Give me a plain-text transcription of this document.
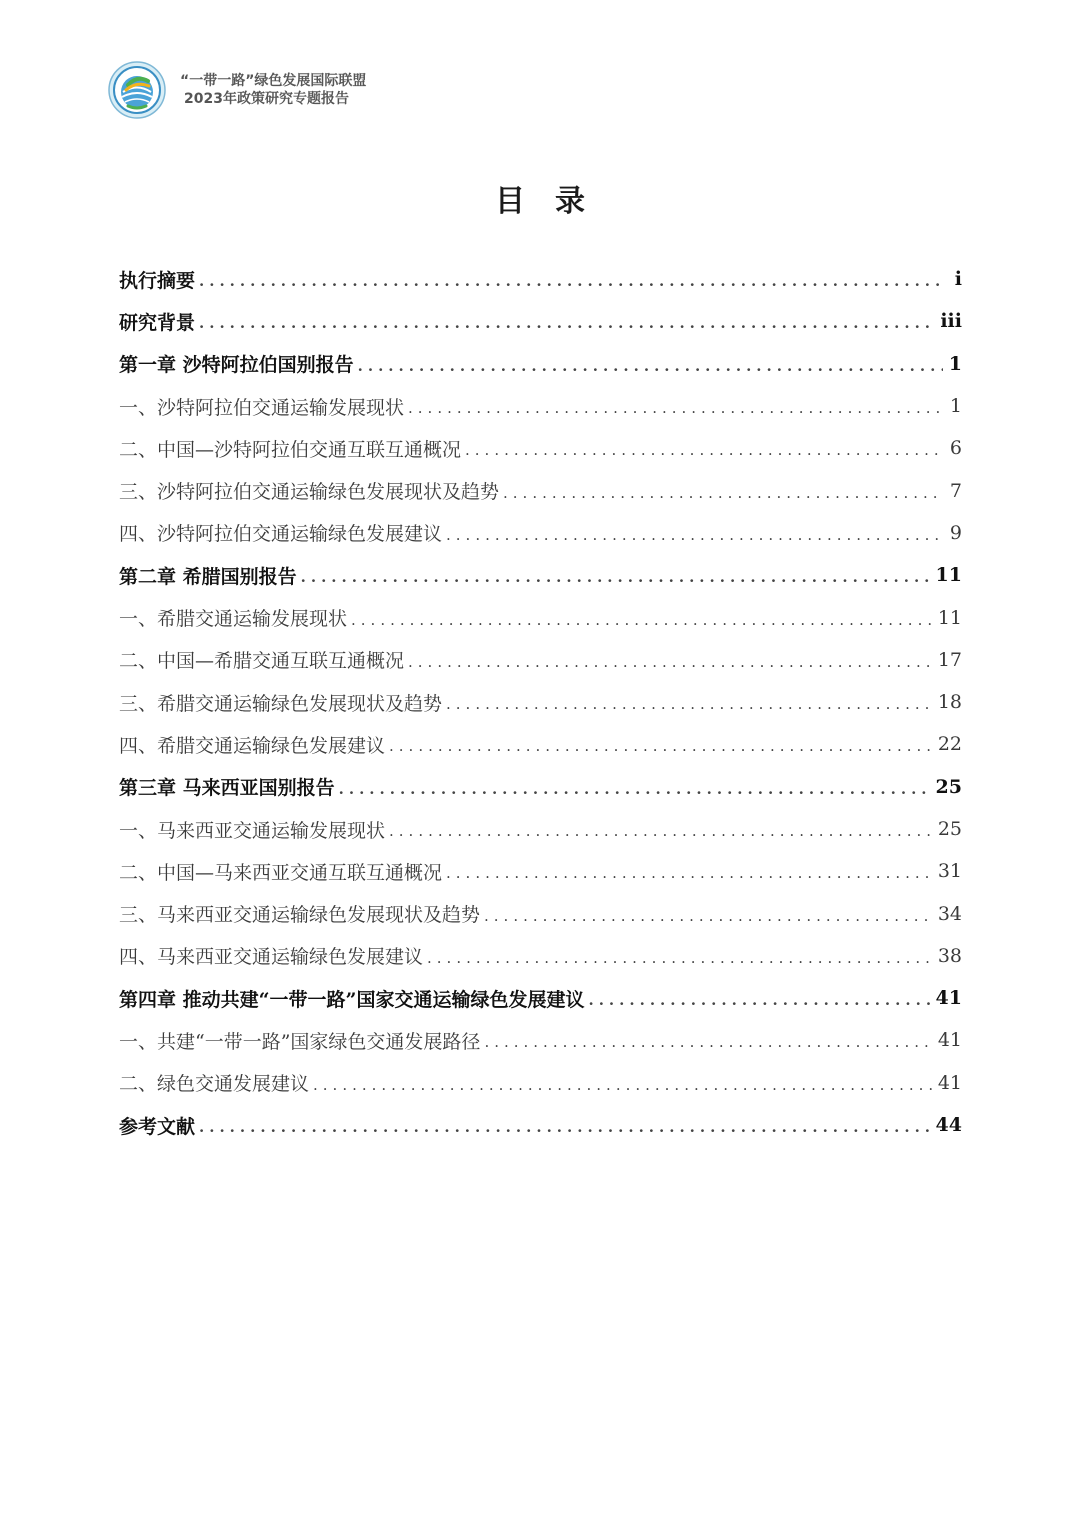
“一带一路”绿色发展国际联盟
2023年政策研究专题报告
目录
执行摘要 .....	i
研究背景 .....	iii
第一章 沙特阿拉伯国别报告 .....	1
一、沙特阿拉伯交通运输发展现状 .....	1
二、中国—沙特阿拉伯交通互联互通概况 .....	6
三、沙特阿拉伯交通运输绿色发展现状及趋势 .....	7
四、沙特阿拉伯交通运输绿色发展建议 .....	9
第二章 希腊国别报告 .....	11
一、希腊交通运输发展现状 .....	11
二、中国—希腊交通互联互通概况 .....	17
三、希腊交通运输绿色发展现状及趋势 .....	18
四、希腊交通运输绿色发展建议 .....	22
第三章 马来西亚国别报告 .....	25
一、马来西亚交通运输发展现状 .....	25
二、中国—马来西亚交通互联互通概况 .....	31
三、马来西亚交通运输绿色发展现状及趋势 .....	34
四、马来西亚交通运输绿色发展建议 .....	38
第四章 推动共建“一带一路”国家交通运输绿色发展建议 .....	41
一、共建“一带一路”国家绿色交通发展路径 .....	41
二、绿色交通发展建议 .....	41
参考文献 .....	44
